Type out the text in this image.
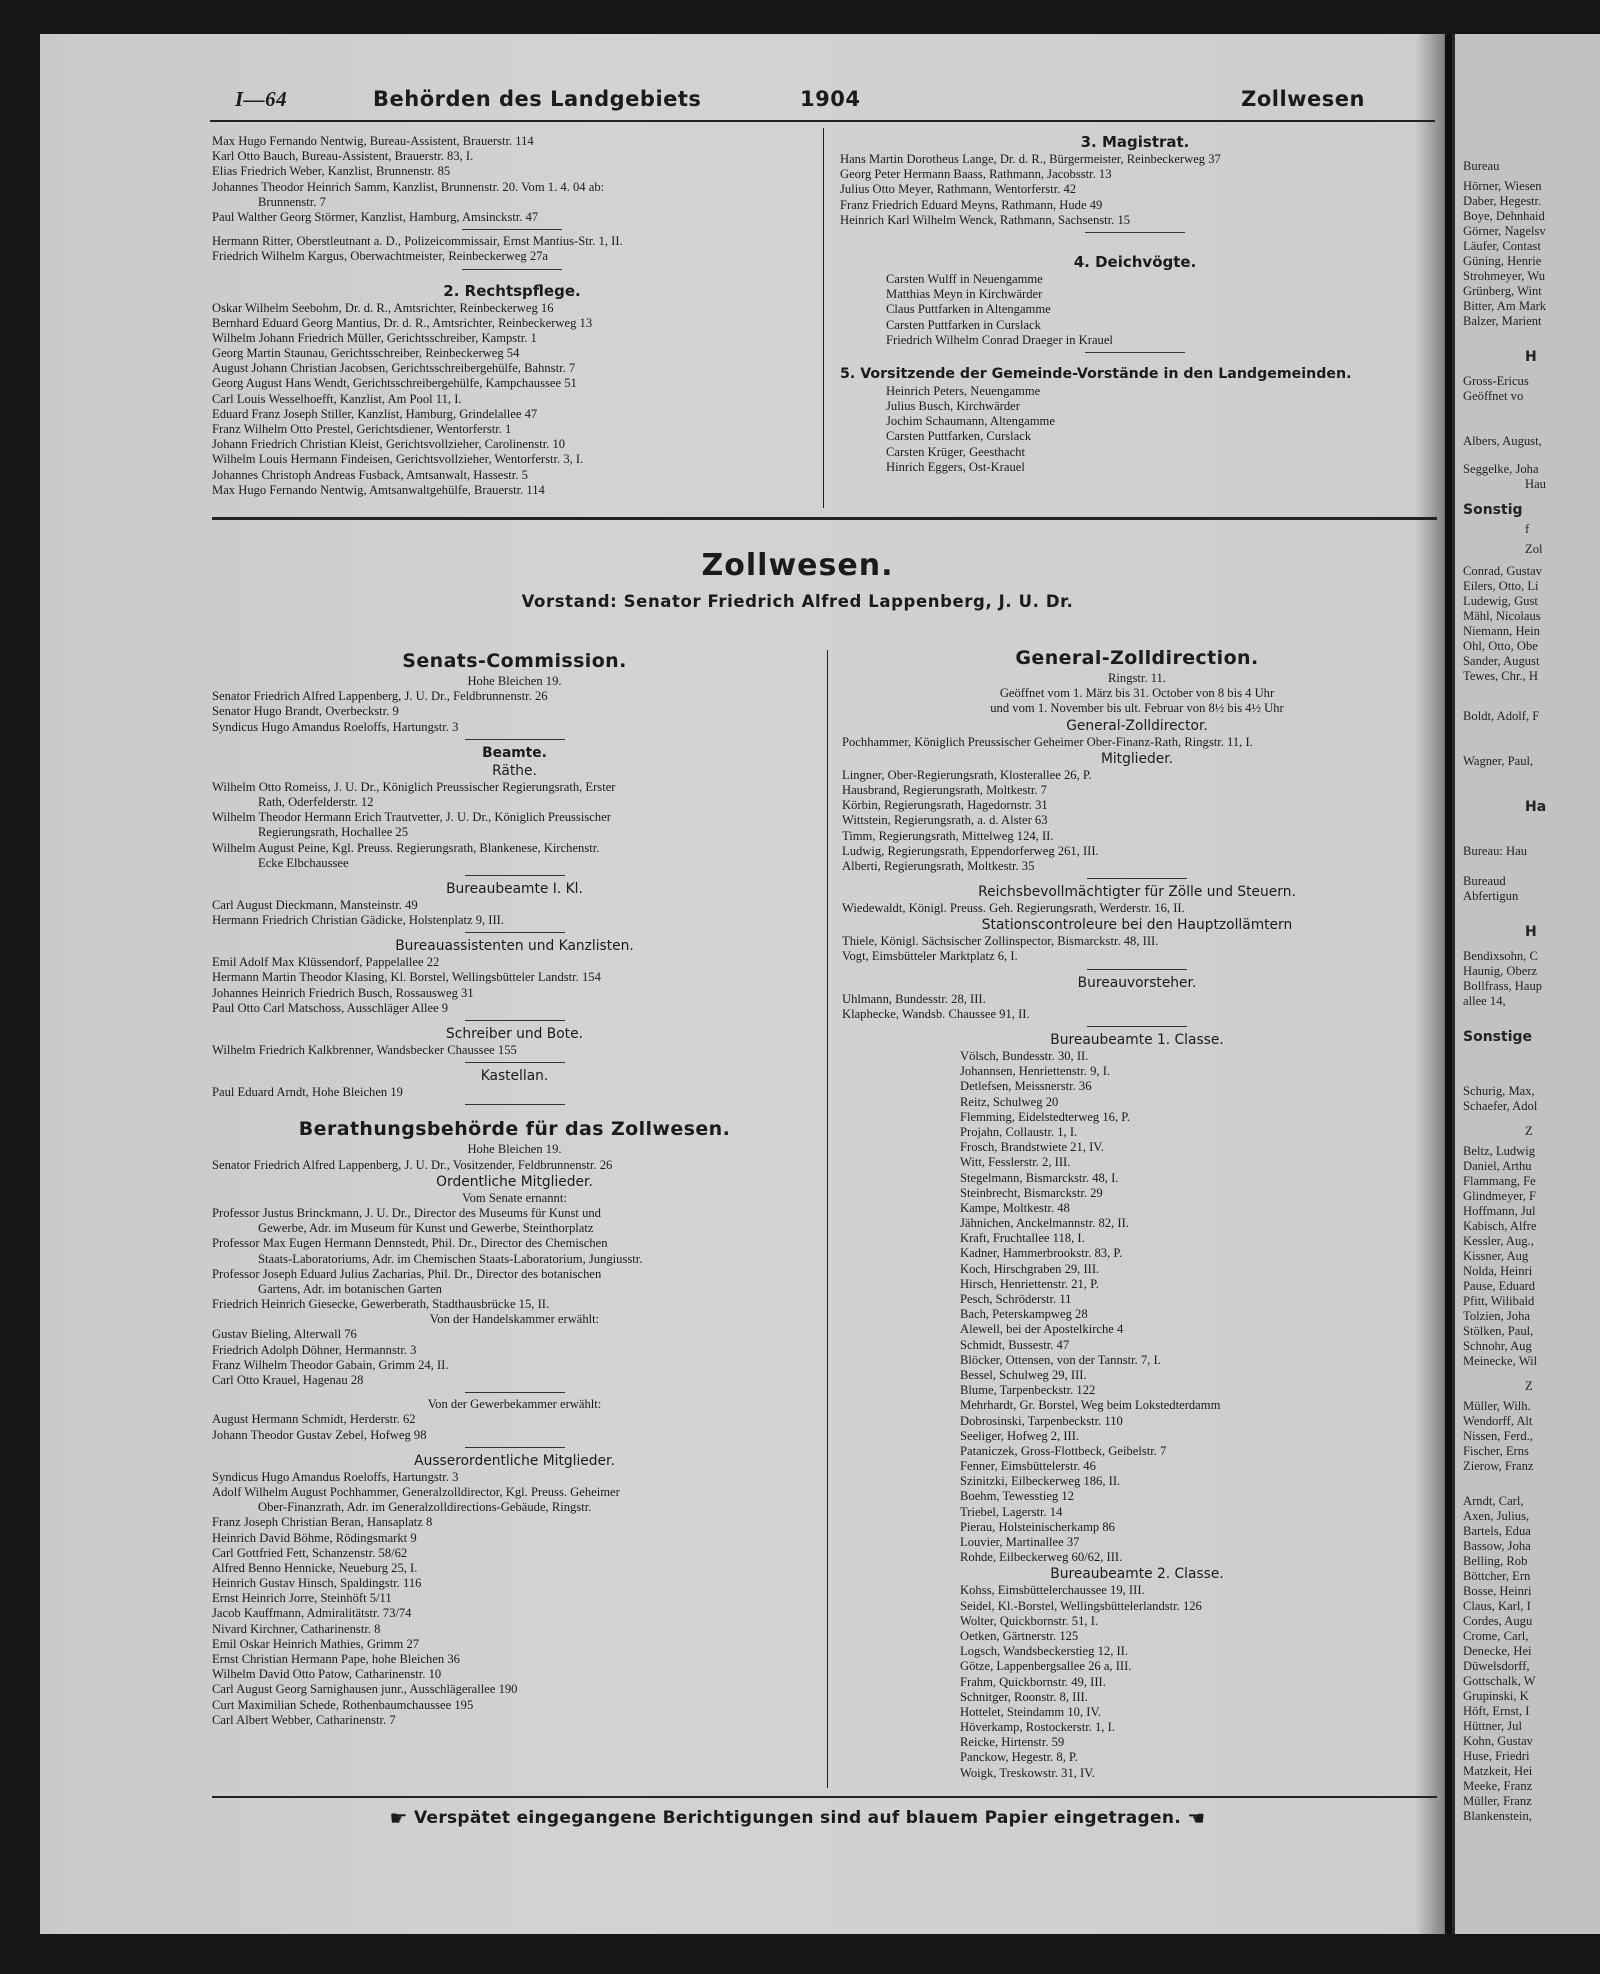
Bureau
Hörner, Wiesen
Daber, Hegestr.
Boye, Dehnhaid
Görner, Nagelsv
Läufer, Contast
Güning, Henrie
Strohmeyer, Wu
Grünberg, Wint
Bitter, Am Mark
Balzer, Marient
H
Gross-Ericus
Geöffnet vo
Albers, August,
Seggelke, Joha
Hau
Sonstig
f
Zol
Conrad, Gustav
Eilers, Otto, Li
Ludewig, Gust
Mähl, Nicolaus
Niemann, Hein
Ohl, Otto, Obe
Sander, August
Tewes, Chr., H
Boldt, Adolf, F
Wagner, Paul,
Ha
Bureau: Hau
Bureaud
Abfertigun
H
Bendixsohn, C
Haunig, Oberz
Bollfrass, Haup
allee 14,
Sonstige
Schurig, Max,
Schaefer, Adol
Z
Beltz, Ludwig
Daniel, Arthu
Flammang, Fe
Glindmeyer, F
Hoffmann, Jul
Kabisch, Alfre
Kessler, Aug.,
Kissner, Aug
Nolda, Heinri
Pause, Eduard
Pfitt, Wilibald
Tolzien, Joha
Stölken, Paul,
Schnohr, Aug
Meinecke, Wil
Z
Müller, Wilh.
Wendorff, Alt
Nissen, Ferd.,
Fischer, Erns
Zierow, Franz
Arndt, Carl,
Axen, Julius,
Bartels, Edua
Bassow, Joha
Belling, Rob
Böttcher, Ern
Bosse, Heinri
Claus, Karl, I
Cordes, Augu
Crome, Carl,
Denecke, Hei
Düwelsdorff,
Gottschalk, W
Grupinski, K
Höft, Ernst, I
Hüttner, Jul
Kohn, Gustav
Huse, Friedri
Matzkeit, Hei
Meeke, Franz
Müller, Franz
Blankenstein,
I—64	Behörden des Landgebiets	1904	Zollwesen
Max Hugo Fernando Nentwig, Bureau-Assistent, Brauerstr. 114
Karl Otto Bauch, Bureau-Assistent, Brauerstr. 83, I.
Elias Friedrich Weber, Kanzlist, Brunnenstr. 85
Johannes Theodor Heinrich Samm, Kanzlist, Brunnenstr. 20. Vom 1. 4. 04 ab:
Brunnenstr. 7
Paul Walther Georg Störmer, Kanzlist, Hamburg, Amsinckstr. 47
Hermann Ritter, Oberstleutnant a. D., Polizeicommissair, Ernst Mantius-Str. 1, II.
Friedrich Wilhelm Kargus, Oberwachtmeister, Reinbeckerweg 27a
2. Rechtspflege.
Oskar Wilhelm Seebohm, Dr. d. R., Amtsrichter, Reinbeckerweg 16
Bernhard Eduard Georg Mantius, Dr. d. R., Amtsrichter, Reinbeckerweg 13
Wilhelm Johann Friedrich Müller, Gerichtsschreiber, Kampstr. 1
Georg Martin Staunau, Gerichtsschreiber, Reinbeckerweg 54
August Johann Christian Jacobsen, Gerichtsschreibergehülfe, Bahnstr. 7
Georg August Hans Wendt, Gerichtsschreibergehülfe, Kampchaussee 51
Carl Louis Wesselhoefft, Kanzlist, Am Pool 11, I.
Eduard Franz Joseph Stiller, Kanzlist, Hamburg, Grindelallee 47
Franz Wilhelm Otto Prestel, Gerichtsdiener, Wentorferstr. 1
Johann Friedrich Christian Kleist, Gerichtsvollzieher, Carolinenstr. 10
Wilhelm Louis Hermann Findeisen, Gerichtsvollzieher, Wentorferstr. 3, I.
Johannes Christoph Andreas Fusback, Amtsanwalt, Hassestr. 5
Max Hugo Fernando Nentwig, Amtsanwaltgehülfe, Brauerstr. 114
3. Magistrat.
Hans Martin Dorotheus Lange, Dr. d. R., Bürgermeister, Reinbeckerweg 37
Georg Peter Hermann Baass, Rathmann, Jacobsstr. 13
Julius Otto Meyer, Rathmann, Wentorferstr. 42
Franz Friedrich Eduard Meyns, Rathmann, Hude 49
Heinrich Karl Wilhelm Wenck, Rathmann, Sachsenstr. 15
4. Deichvögte.
Carsten Wulff in Neuengamme
Matthias Meyn in Kirchwärder
Claus Puttfarken in Altengamme
Carsten Puttfarken in Curslack
Friedrich Wilhelm Conrad Draeger in Krauel
5. Vorsitzende der Gemeinde-Vorstände in den Landgemeinden.
Heinrich Peters, Neuengamme
Julius Busch, Kirchwärder
Jochim Schaumann, Altengamme
Carsten Puttfarken, Curslack
Carsten Krüger, Geesthacht
Hinrich Eggers, Ost-Krauel
Zollwesen.
Vorstand: Senator Friedrich Alfred Lappenberg, J. U. Dr.
Senats-Commission.
Hohe Bleichen 19.
Senator Friedrich Alfred Lappenberg, J. U. Dr., Feldbrunnenstr. 26
Senator Hugo Brandt, Overbeckstr. 9
Syndicus Hugo Amandus Roeloffs, Hartungstr. 3
Beamte.
Räthe.
Wilhelm Otto Romeiss, J. U. Dr., Königlich Preussischer Regierungsrath, Erster
Rath, Oderfelderstr. 12
Wilhelm Theodor Hermann Erich Trautvetter, J. U. Dr., Königlich Preussischer
Regierungsrath, Hochallee 25
Wilhelm August Peine, Kgl. Preuss. Regierungsrath, Blankenese, Kirchenstr.
Ecke Elbchaussee
Bureaubeamte I. Kl.
Carl August Dieckmann, Mansteinstr. 49
Hermann Friedrich Christian Gädicke, Holstenplatz 9, III.
Bureauassistenten und Kanzlisten.
Emil Adolf Max Klüssendorf, Pappelallee 22
Hermann Martin Theodor Klasing, Kl. Borstel, Wellingsbütteler Landstr. 154
Johannes Heinrich Friedrich Busch, Rossausweg 31
Paul Otto Carl Matschoss, Ausschläger Allee 9
Schreiber und Bote.
Wilhelm Friedrich Kalkbrenner, Wandsbecker Chaussee 155
Kastellan.
Paul Eduard Arndt, Hohe Bleichen 19
Berathungsbehörde für das Zollwesen.
Hohe Bleichen 19.
Senator Friedrich Alfred Lappenberg, J. U. Dr., Vositzender, Feldbrunnenstr. 26
Ordentliche Mitglieder.
Vom Senate ernannt:
Professor Justus Brinckmann, J. U. Dr., Director des Museums für Kunst und
Gewerbe, Adr. im Museum für Kunst und Gewerbe, Steinthorplatz
Professor Max Eugen Hermann Dennstedt, Phil. Dr., Director des Chemischen
Staats-Laboratoriums, Adr. im Chemischen Staats-Laboratorium, Jungiusstr.
Professor Joseph Eduard Julius Zacharias, Phil. Dr., Director des botanischen
Gartens, Adr. im botanischen Garten
Friedrich Heinrich Giesecke, Gewerberath, Stadthausbrücke 15, II.
Von der Handelskammer erwählt:
Gustav Bieling, Alterwall 76
Friedrich Adolph Döhner, Hermannstr. 3
Franz Wilhelm Theodor Gabain, Grimm 24, II.
Carl Otto Krauel, Hagenau 28
Von der Gewerbekammer erwählt:
August Hermann Schmidt, Herderstr. 62
Johann Theodor Gustav Zebel, Hofweg 98
Ausserordentliche Mitglieder.
Syndicus Hugo Amandus Roeloffs, Hartungstr. 3
Adolf Wilhelm August Pochhammer, Generalzolldirector, Kgl. Preuss. Geheimer
Ober-Finanzrath, Adr. im Generalzolldirections-Gebäude, Ringstr.
Franz Joseph Christian Beran, Hansaplatz 8
Heinrich David Böhme, Rödingsmarkt 9
Carl Gottfried Fett, Schanzenstr. 58/62
Alfred Benno Hennicke, Neueburg 25, I.
Heinrich Gustav Hinsch, Spaldingstr. 116
Ernst Heinrich Jorre, Steinhöft 5/11
Jacob Kauffmann, Admiralitätstr. 73/74
Nivard Kirchner, Catharinenstr. 8
Emil Oskar Heinrich Mathies, Grimm 27
Ernst Christian Hermann Pape, hohe Bleichen 36
Wilhelm David Otto Patow, Catharinenstr. 10
Carl August Georg Sarnighausen junr., Ausschlägerallee 190
Curt Maximilian Schede, Rothenbaumchaussee 195
Carl Albert Webber, Catharinenstr. 7
General-Zolldirection.
Ringstr. 11.
Geöffnet vom 1. März bis 31. October von 8 bis 4 Uhr
und vom 1. November bis ult. Februar von 8½ bis 4½ Uhr
General-Zolldirector.
Pochhammer, Königlich Preussischer Geheimer Ober-Finanz-Rath, Ringstr. 11, I.
Mitglieder.
Lingner, Ober-Regierungsrath, Klosterallee 26, P.
Hausbrand, Regierungsrath, Moltkestr. 7
Körbin, Regierungsrath, Hagedornstr. 31
Wittstein, Regierungsrath, a. d. Alster 63
Timm, Regierungsrath, Mittelweg 124, II.
Ludwig, Regierungsrath, Eppendorferweg 261, III.
Alberti, Regierungsrath, Moltkestr. 35
Reichsbevollmächtigter für Zölle und Steuern.
Wiedewaldt, Königl. Preuss. Geh. Regierungsrath, Werderstr. 16, II.
Stationscontroleure bei den Hauptzollämtern
Thiele, Königl. Sächsischer Zollinspector, Bismarckstr. 48, III.
Vogt, Eimsbütteler Marktplatz 6, I.
Bureauvorsteher.
Uhlmann, Bundesstr. 28, III.
Klaphecke, Wandsb. Chaussee 91, II.
Bureaubeamte 1. Classe.
Völsch, Bundesstr. 30, II.
Johannsen, Henriettenstr. 9, I.
Detlefsen, Meissnerstr. 36
Reitz, Schulweg 20
Flemming, Eidelstedterweg 16, P.
Projahn, Collaustr. 1, I.
Frosch, Brandstwiete 21, IV.
Witt, Fesslerstr. 2, III.
Stegelmann, Bismarckstr. 48, I.
Steinbrecht, Bismarckstr. 29
Kampe, Moltkestr. 48
Jähnichen, Anckelmannstr. 82, II.
Kraft, Fruchtallee 118, I.
Kadner, Hammerbrookstr. 83, P.
Koch, Hirschgraben 29, III.
Hirsch, Henriettenstr. 21, P.
Pesch, Schröderstr. 11
Bach, Peterskampweg 28
Alewell, bei der Apostelkirche 4
Schmidt, Bussestr. 47
Blöcker, Ottensen, von der Tannstr. 7, I.
Bessel, Schulweg 29, III.
Blume, Tarpenbeckstr. 122
Mehrhardt, Gr. Borstel, Weg beim Lokstedterdamm
Dobrosinski, Tarpenbeckstr. 110
Seeliger, Hofweg 2, III.
Pataniczek, Gross-Flottbeck, Geibelstr. 7
Fenner, Eimsbüttelerstr. 46
Szinitzki, Eilbeckerweg 186, II.
Boehm, Tewesstieg 12
Triebel, Lagerstr. 14
Pierau, Holsteinischerkamp 86
Louvier, Martinallee 37
Rohde, Eilbeckerweg 60/62, III.
Bureaubeamte 2. Classe.
Kohss, Eimsbüttelerchaussee 19, III.
Seidel, Kl.-Borstel, Wellingsbüttelerlandstr. 126
Wolter, Quickbornstr. 51, I.
Oetken, Gärtnerstr. 125
Logsch, Wandsbeckerstieg 12, II.
Götze, Lappenbergsallee 26 a, III.
Frahm, Quickbornstr. 49, III.
Schnitger, Roonstr. 8, III.
Hottelet, Steindamm 10, IV.
Höverkamp, Rostockerstr. 1, I.
Reicke, Hirtenstr. 59
Panckow, Hegestr. 8, P.
Woigk, Treskowstr. 31, IV.
☛ Verspätet eingegangene Berichtigungen sind auf blauem Papier eingetragen. ☚
